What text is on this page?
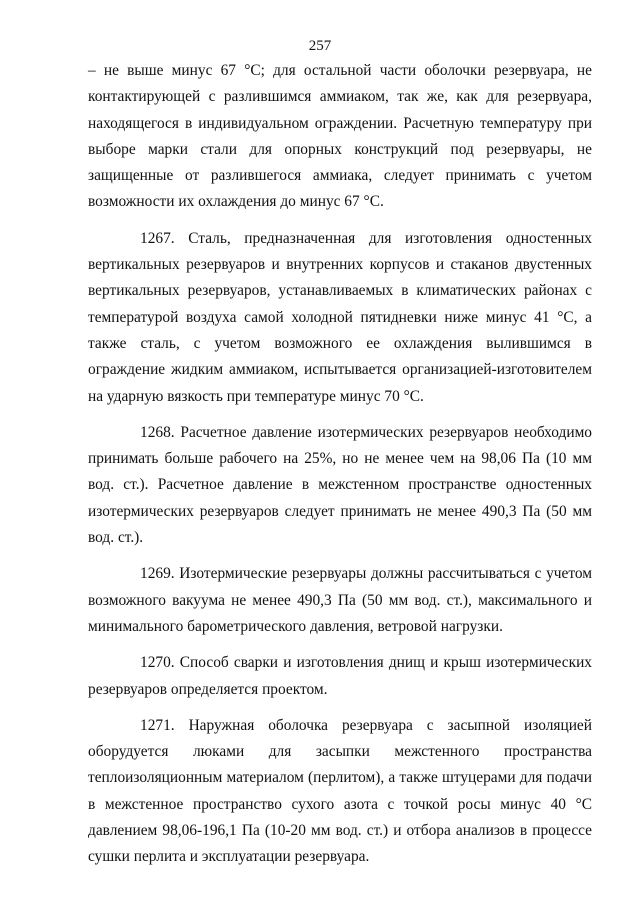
257

– не выше минус 67 °С; для остальной части оболочки резервуара, не контактирующей с разлившимся аммиаком, так же, как для резервуара, находящегося в индивидуальном ограждении. Расчетную температуру при выборе марки стали для опорных конструкций под резервуары, не защищенные от разлившегося аммиака, следует принимать с учетом возможности их охлаждения до минус 67 °С.

1267. Сталь, предназначенная для изготовления одностенных вертикальных резервуаров и внутренних корпусов и стаканов двустенных вертикальных резервуаров, устанавливаемых в климатических районах с температурой воздуха самой холодной пятидневки ниже минус 41 °С, а также сталь, с учетом возможного ее охлаждения вылившимся в ограждение жидким аммиаком, испытывается организацией-изготовителем на ударную вязкость при температуре минус 70 °С.

1268. Расчетное давление изотермических резервуаров необходимо принимать больше рабочего на 25%, но не менее чем на 98,06 Па (10 мм вод. ст.). Расчетное давление в межстенном пространстве одностенных изотермических резервуаров следует принимать не менее 490,3 Па (50 мм вод. ст.).

1269. Изотермические резервуары должны рассчитываться с учетом возможного вакуума не менее 490,3 Па (50 мм вод. ст.), максимального и минимального барометрического давления, ветровой нагрузки.

1270. Способ сварки и изготовления днищ и крыш изотермических резервуаров определяется проектом.

1271. Наружная оболочка резервуара с засыпной изоляцией оборудуется люками для засыпки межстенного пространства теплоизоляционным материалом (перлитом), а также штуцерами для подачи в межстенное пространство сухого азота с точкой росы минус 40 °С давлением 98,06-196,1 Па (10-20 мм вод. ст.) и отбора анализов в процессе сушки перлита и эксплуатации резервуара.
